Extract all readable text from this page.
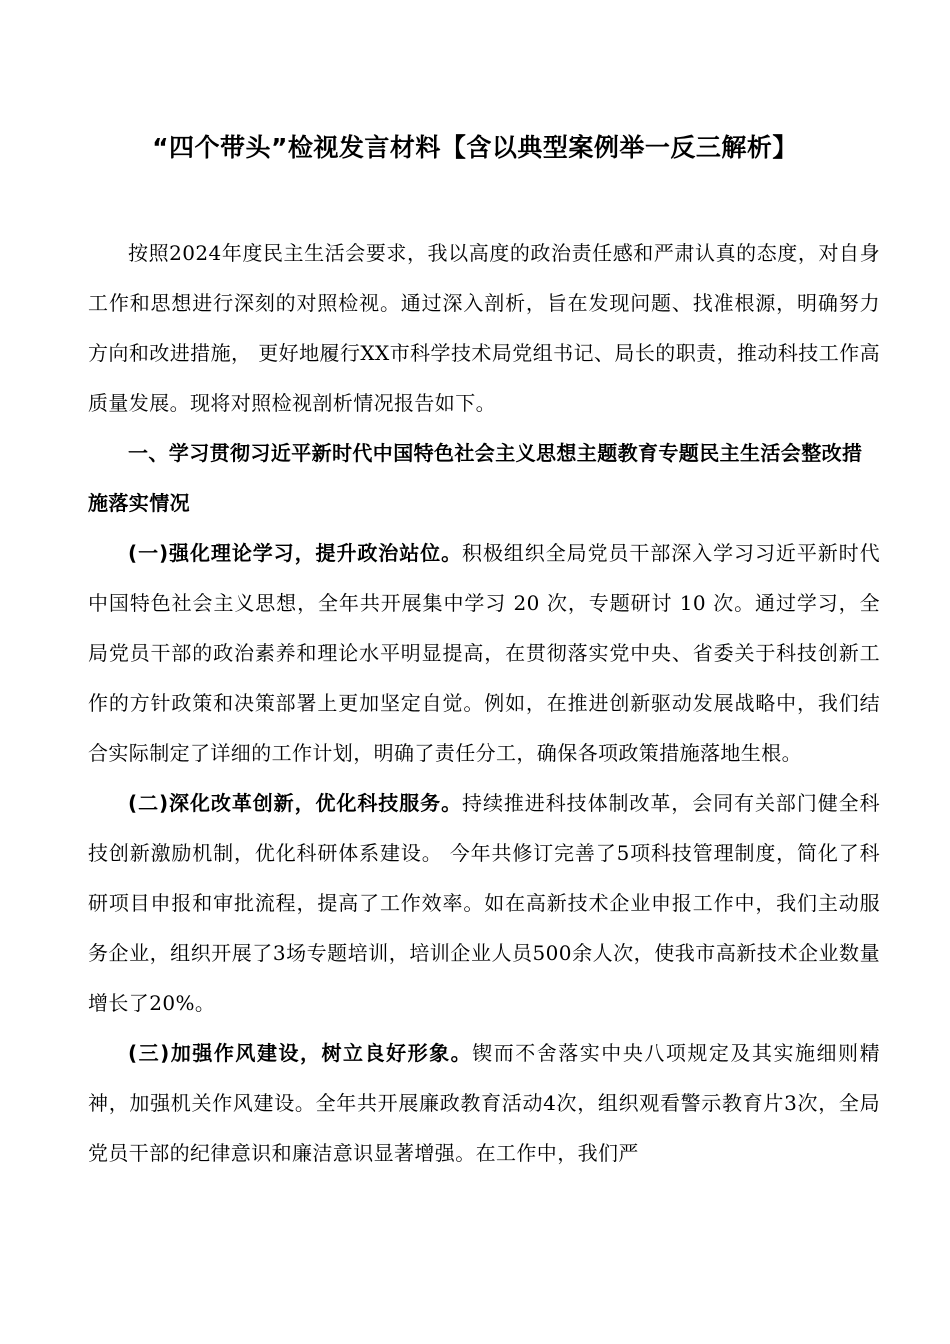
“四个带头”检视发言材料【含以典型案例举一反三解析】

按照2024年度民主生活会要求，我以高度的政治责任感和严肃认真的态度，对自身工作和思想进行深刻的对照检视。通过深入剖析，旨在发现问题、找准根源，明确努力方向和改进措施， 更好地履行XX市科学技术局党组书记、局长的职责，推动科技工作高质量发展。现将对照检视剖析情况报告如下。

一、学习贯彻习近平新时代中国特色社会主义思想主题教育专题民主生活会整改措施落实情况

(一)强化理论学习，提升政治站位。积极组织全局党员干部深入学习习近平新时代中国特色社会主义思想，全年共开展集中学习 20 次，专题研讨 10 次。通过学习，全局党员干部的政治素养和理论水平明显提高，在贯彻落实党中央、省委关于科技创新工作的方针政策和决策部署上更加坚定自觉。例如，在推进创新驱动发展战略中，我们结合实际制定了详细的工作计划，明确了责任分工，确保各项政策措施落地生根。

(二)深化改革创新，优化科技服务。持续推进科技体制改革，会同有关部门健全科技创新激励机制，优化科研体系建设。 今年共修订完善了5项科技管理制度，简化了科研项目申报和审批流程，提高了工作效率。如在高新技术企业申报工作中，我们主动服务企业，组织开展了3场专题培训，培训企业人员500余人次，使我市高新技术企业数量增长了20%。

(三)加强作风建设，树立良好形象。锲而不舍落实中央八项规定及其实施细则精神，加强机关作风建设。全年共开展廉政教育活动4次，组织观看警示教育片3次，全局党员干部的纪律意识和廉洁意识显著增强。在工作中，我们严
